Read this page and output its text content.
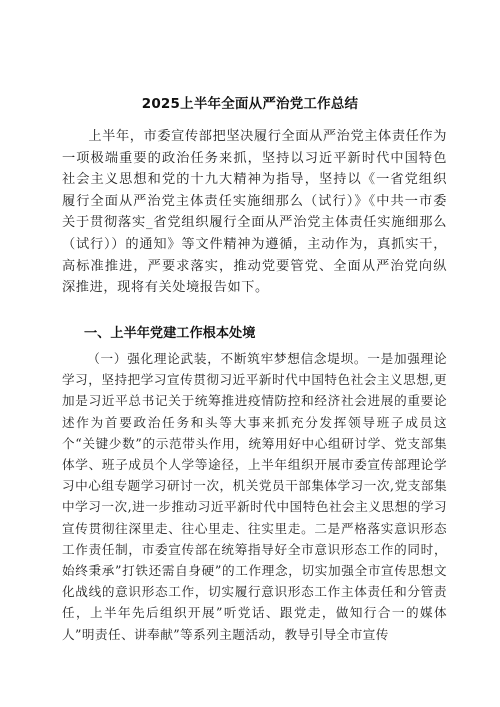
2025上半年全面从严治党工作总结

上半年，市委宣传部把坚决履行全面从严治党主体责任作为一项极端重要的政治任务来抓，坚持以习近平新时代中国特色社会主义思想和党的十九大精神为指导，坚持以《一省党组织履行全面从严治党主体责任实施细那么（试行）》《中共一市委关于贯彻落实_省党组织履行全面从严治党主体责任实施细那么（试行））的通知》等文件精神为遵循，主动作为，真抓实干，高标准推进，严要求落实，推动党要管党、全面从严治党向纵深推进，现将有关处境报告如下。

一、上半年党建工作根本处境

（一）强化理论武装，不断筑牢梦想信念堤坝。一是加强理论学习，坚持把学习宣传贯彻习近平新时代中国特色社会主义思想,更加是习近平总书记关于统筹推进疫情防控和经济社会进展的重要论述作为首要政治任务和头等大事来抓充分发挥领导班子成员这个“关键少数”的示范带头作用，统筹用好中心组研讨学、党支部集体学、班子成员个人学等途径，上半年组织开展市委宣传部理论学习中心组专题学习研讨一次，机关党员干部集体学习一次,党支部集中学习一次,进一步推动习近平新时代中国特色社会主义思想的学习宣传贯彻往深里走、往心里走、往实里走。二是严格落实意识形态工作责任制，市委宣传部在统筹指导好全市意识形态工作的同时，始终秉承”打铁还需自身硬”的工作理念，切实加强全市宣传思想文化战线的意识形态工作，切实履行意识形态工作主体责任和分管责任，上半年先后组织开展”听党话、跟党走，做知行合一的媒体人”明责任、讲奉献”等系列主题活动，教导引导全市宣传
